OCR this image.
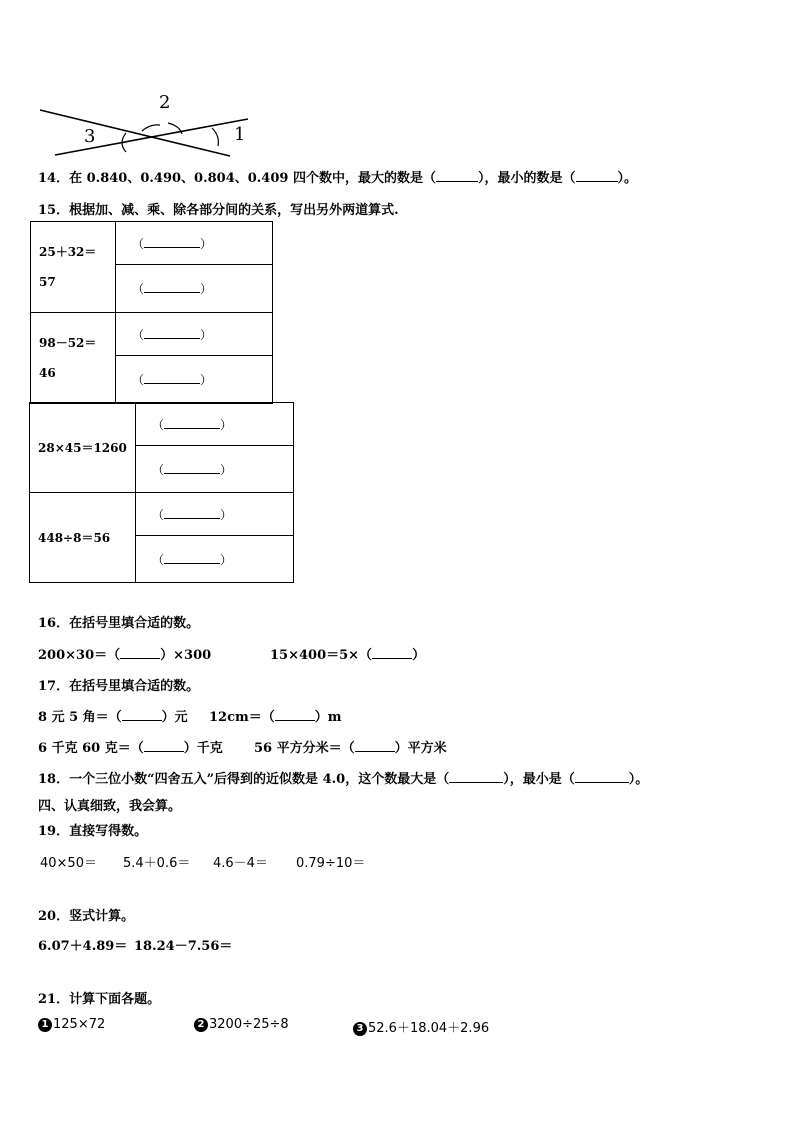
2
3	1
14．在 0.840、0.490、0.804、0.409 四个数中，最大的数是（	），最小的数是（	）。
15．根据加、减、乘、除各部分间的关系，写出另外两道算式.
25＋32＝
57	（ ）
	（ ）
98－52＝
46	（ ）
	（ ）
28×45＝1260	（ ）
	（ ）
448÷8＝56	（ ）
	（ ）
16．在括号里填合适的数。
200×30＝（	）×300	15×400＝5×（	）
17．在括号里填合适的数。
8 元 5 角＝（	）元 12cm＝（	）m
6 千克 60 克＝（	）千克 56 平方分米＝（	）平方米
18．一个三位小数“四舍五入”后得到的近似数是 4.0，这个数最大是（	），最小是（	）。
四、认真细致，我会算。
19．直接写得数。
40×50＝ 5.4＋0.6＝ 4.6－4＝ 0.79÷10＝
20．竖式计算。
6.07＋4.89＝ 18.24－7.56＝
21．计算下面各题。
1 125×72	2 3200÷25÷8	3 52.6＋18.04＋2.96
